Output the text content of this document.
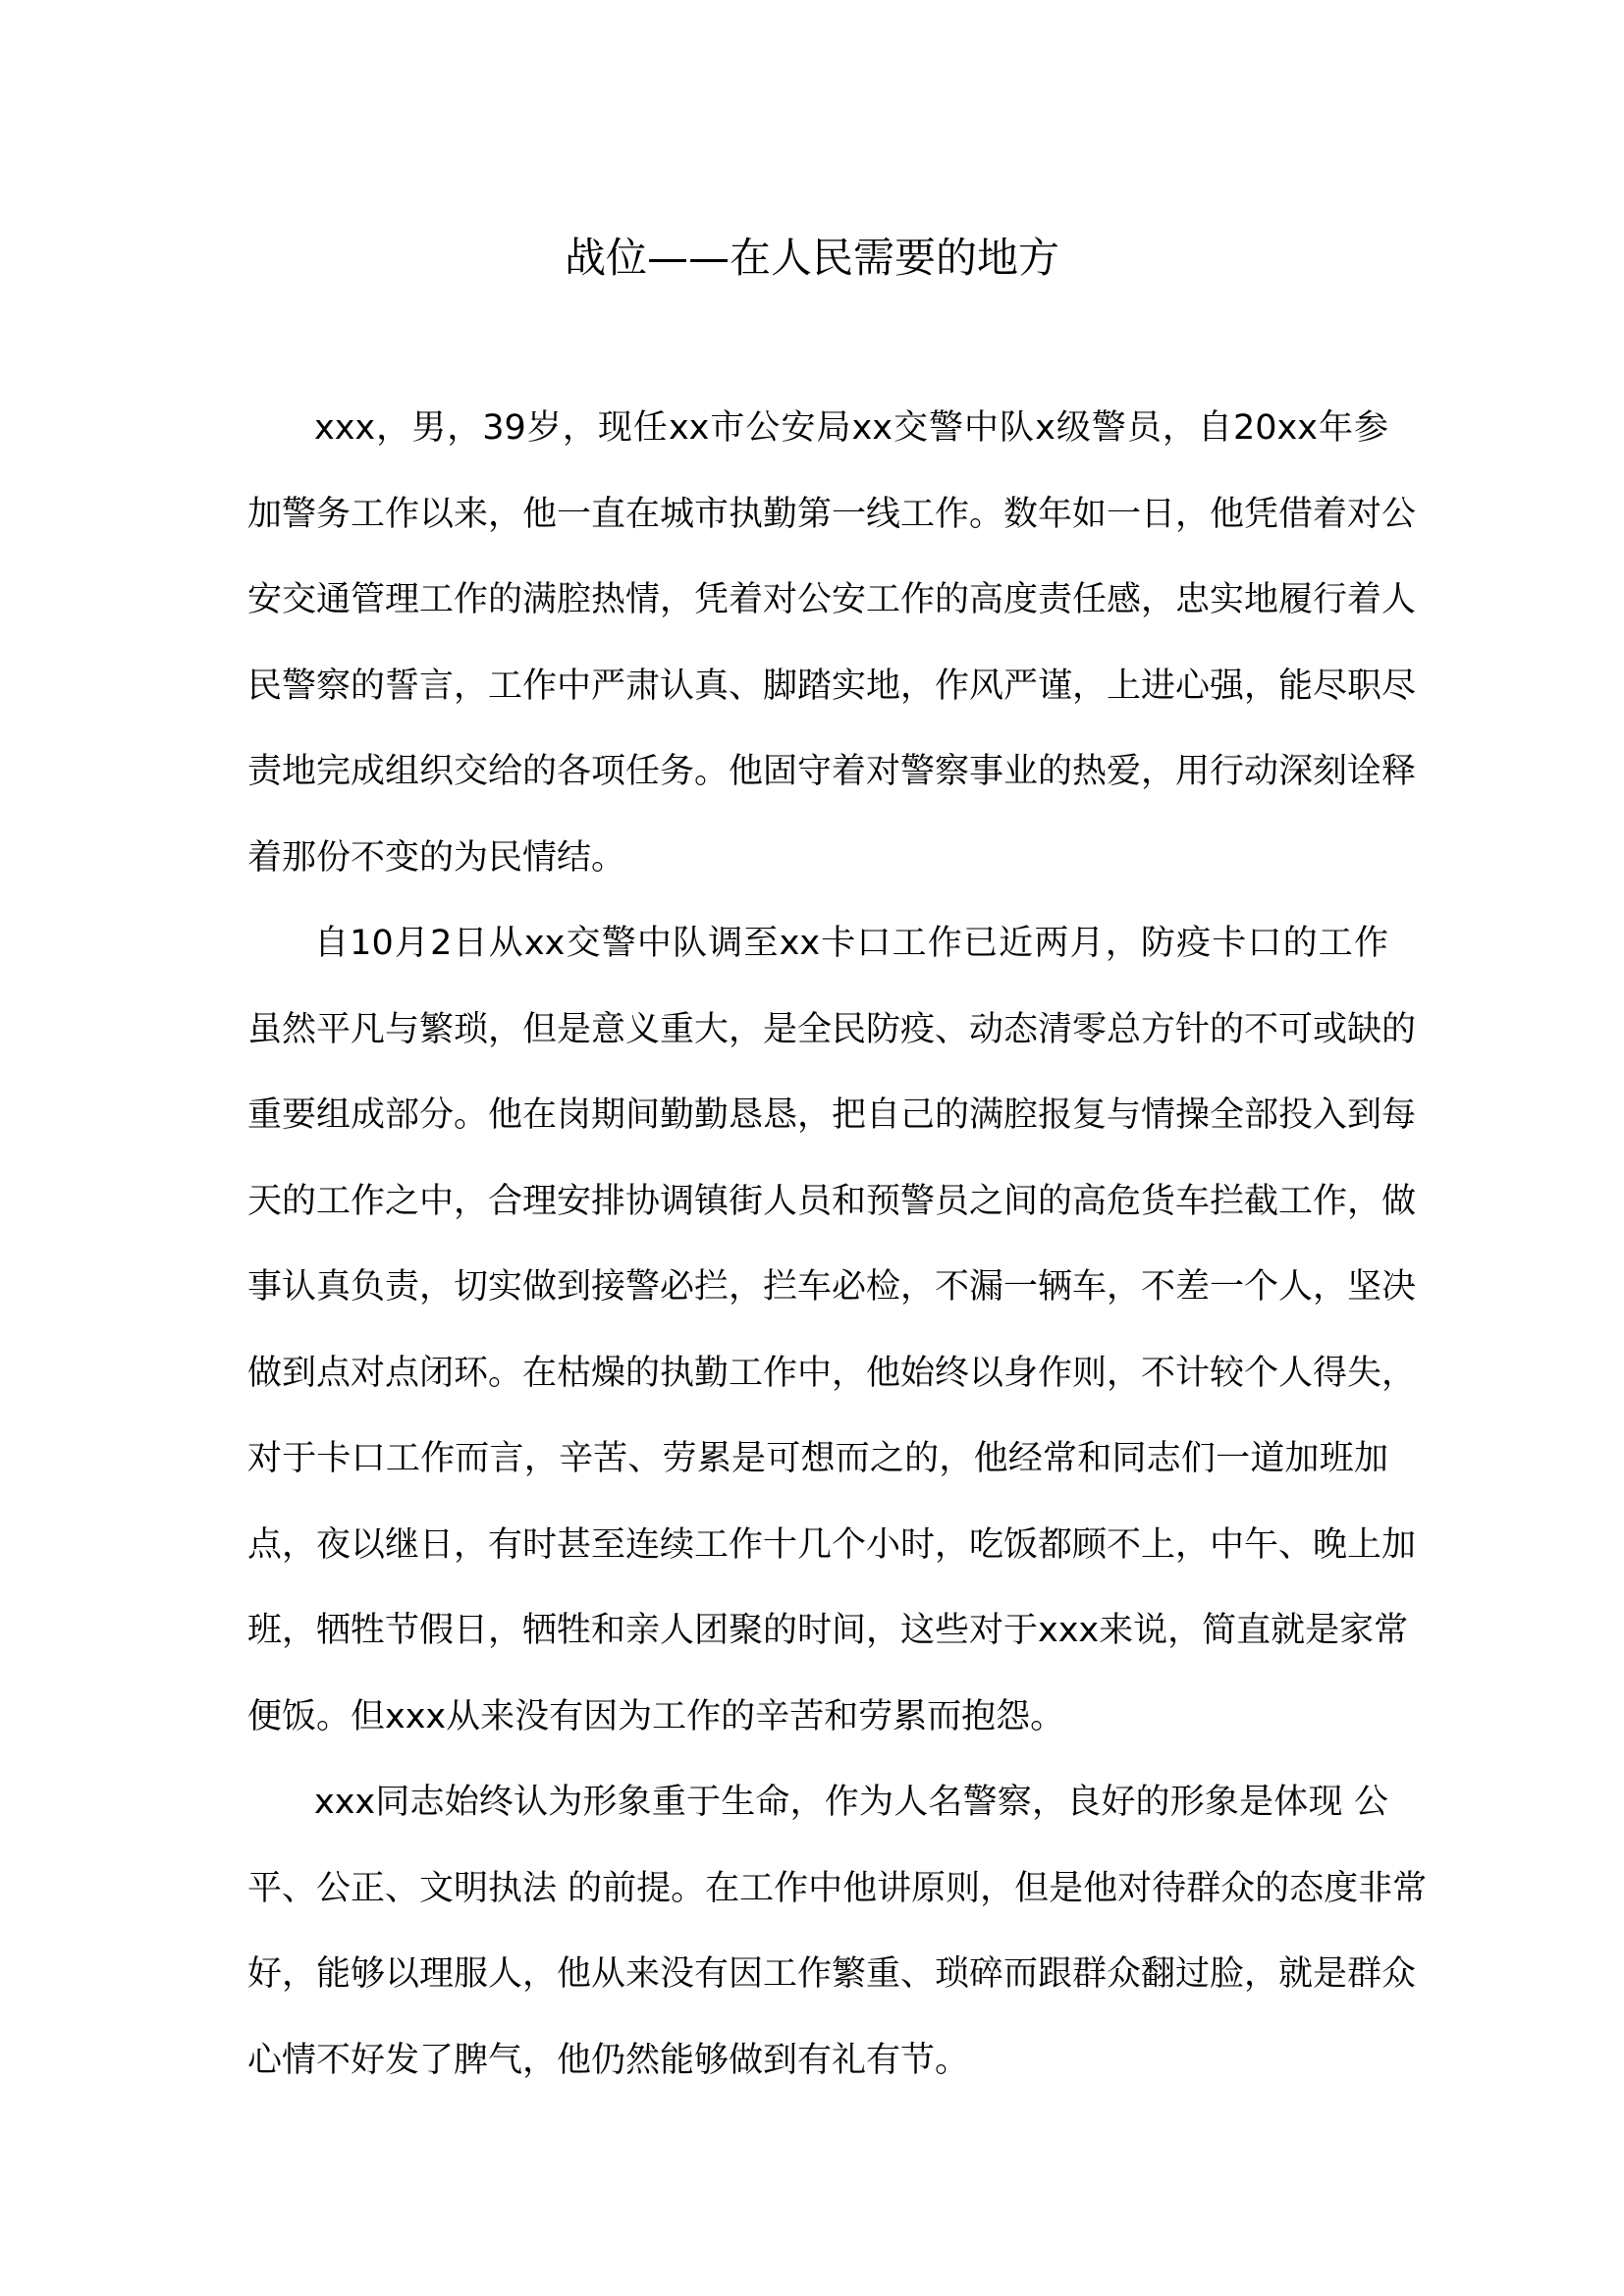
战位——在人民需要的地方
xxx，男，39岁，现任xx市公安局xx交警中队x级警员，自20xx年参
加警务工作以来，他一直在城市执勤第一线工作。数年如一日，他凭借着对公
安交通管理工作的满腔热情，凭着对公安工作的高度责任感，忠实地履行着人
民警察的誓言，工作中严肃认真、脚踏实地，作风严谨，上进心强，能尽职尽
责地完成组织交给的各项任务。他固守着对警察事业的热爱，用行动深刻诠释
着那份不变的为民情结。
自10月2日从xx交警中队调至xx卡口工作已近两月，防疫卡口的工作
虽然平凡与繁琐，但是意义重大，是全民防疫、动态清零总方针的不可或缺的
重要组成部分。他在岗期间勤勤恳恳，把自己的满腔报复与情操全部投入到每
天的工作之中，合理安排协调镇街人员和预警员之间的高危货车拦截工作，做
事认真负责，切实做到接警必拦，拦车必检，不漏一辆车，不差一个人，坚决
做到点对点闭环。在枯燥的执勤工作中，他始终以身作则，不计较个人得失，
对于卡口工作而言，辛苦、劳累是可想而之的，他经常和同志们一道加班加
点，夜以继日，有时甚至连续工作十几个小时，吃饭都顾不上，中午、晚上加
班，牺牲节假日，牺牲和亲人团聚的时间，这些对于xxx来说，简直就是家常
便饭。但xxx从来没有因为工作的辛苦和劳累而抱怨。
xxx同志始终认为形象重于生命，作为人名警察，良好的形象是体现 公
平、公正、文明执法 的前提。在工作中他讲原则，但是他对待群众的态度非常
好，能够以理服人，他从来没有因工作繁重、琐碎而跟群众翻过脸，就是群众
心情不好发了脾气，他仍然能够做到有礼有节。
